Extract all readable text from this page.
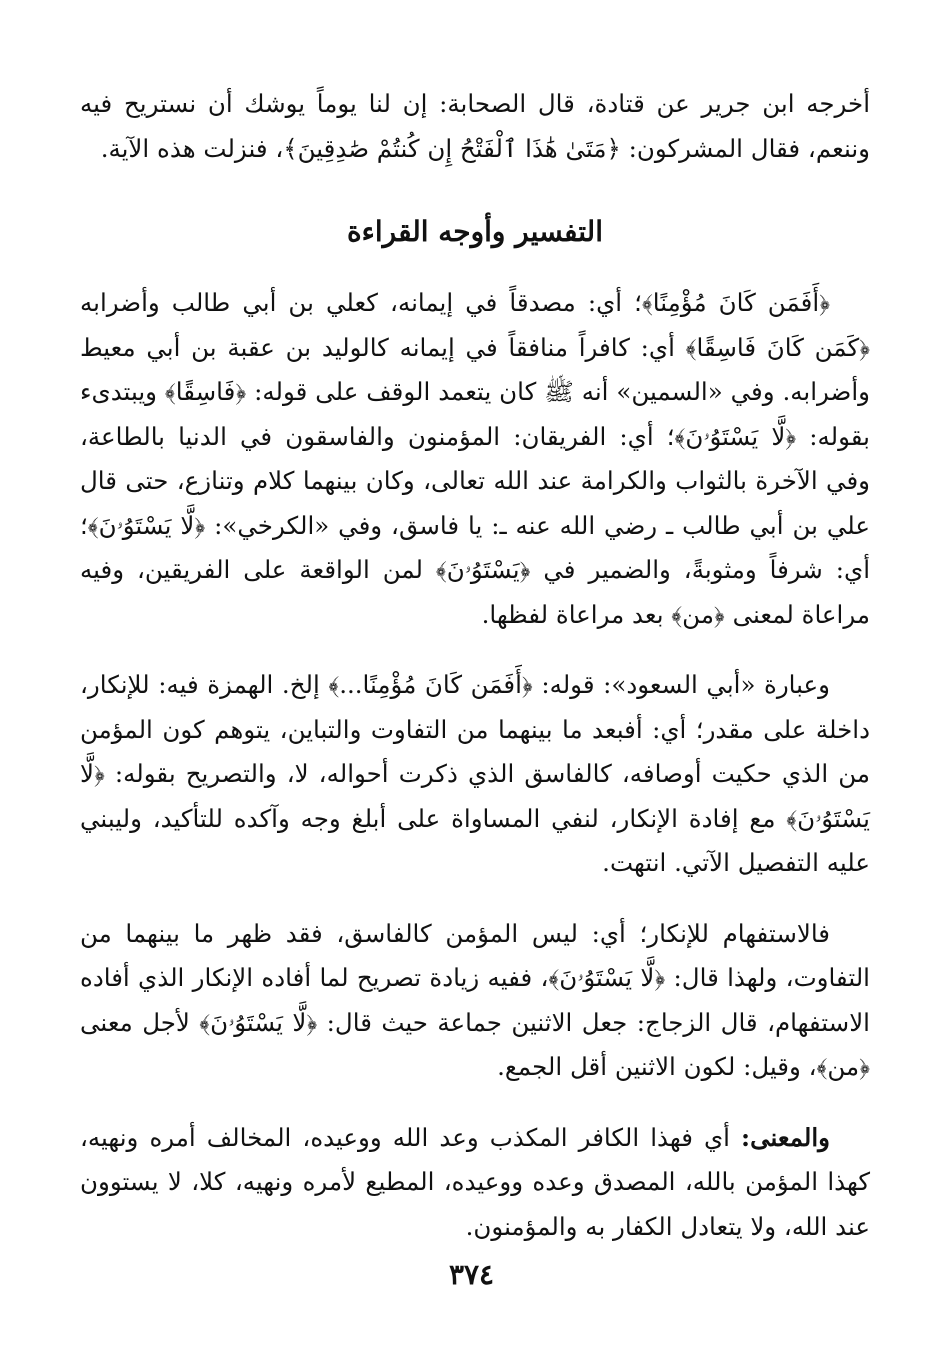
أخرجه ابن جرير عن قتادة، قال الصحابة: إن لنا يوماً يوشك أن نستريح فيه وننعم، فقال المشركون: ﴿مَتَىٰ هَٰذَا ٱلْفَتْحُ إِن كُنتُمْ صَٰدِقِينَ﴾، فنزلت هذه الآية.

التفسير وأوجه القراءة

﴿أَفَمَن كَانَ مُؤْمِنًا﴾؛ أي: مصدقاً في إيمانه، كعلي بن أبي طالب وأضرابه ﴿كَمَن كَانَ فَاسِقًا﴾ أي: كافراً منافقاً في إيمانه كالوليد بن عقبة بن أبي معيط وأضرابه. وفي «السمين» أنه ﷺ كان يتعمد الوقف على قوله: ﴿فَاسِقًا﴾ ويبتدىء بقوله: ﴿لَّا يَسْتَوُۥنَ﴾؛ أي: الفريقان: المؤمنون والفاسقون في الدنيا بالطاعة، وفي الآخرة بالثواب والكرامة عند الله تعالى، وكان بينهما كلام وتنازع، حتى قال علي بن أبي طالب ـ رضي الله عنه ـ: يا فاسق، وفي «الكرخي»: ﴿لَّا يَسْتَوُۥنَ﴾؛ أي: شرفاً ومثوبةً، والضمير في ﴿يَسْتَوُۥنَ﴾ لمن الواقعة على الفريقين، وفيه مراعاة لمعنى ﴿من﴾ بعد مراعاة لفظها.

وعبارة «أبي السعود»: قوله: ﴿أَفَمَن كَانَ مُؤْمِنًا...﴾ إلخ. الهمزة فيه: للإنكار، داخلة على مقدر؛ أي: أفبعد ما بينهما من التفاوت والتباين، يتوهم كون المؤمن من الذي حكيت أوصافه، كالفاسق الذي ذكرت أحواله، لا، والتصريح بقوله: ﴿لَّا يَسْتَوُۥنَ﴾ مع إفادة الإنكار، لنفي المساواة على أبلغ وجه وآكده للتأكيد، وليبني عليه التفصيل الآتي. انتهت.

فالاستفهام للإنكار؛ أي: ليس المؤمن كالفاسق، فقد ظهر ما بينهما من التفاوت، ولهذا قال: ﴿لَّا يَسْتَوُۥنَ﴾، ففيه زيادة تصريح لما أفاده الإنكار الذي أفاده الاستفهام، قال الزجاج: جعل الاثنين جماعة حيث قال: ﴿لَّا يَسْتَوُۥنَ﴾ لأجل معنى ﴿من﴾، وقيل: لكون الاثنين أقل الجمع.

والمعنى: أي فهذا الكافر المكذب وعد الله ووعيده، المخالف أمره ونهيه، كهذا المؤمن بالله، المصدق وعده ووعيده، المطيع لأمره ونهيه، كلا، لا يستوون عند الله، ولا يتعادل الكفار به والمؤمنون.

٣٧٤
